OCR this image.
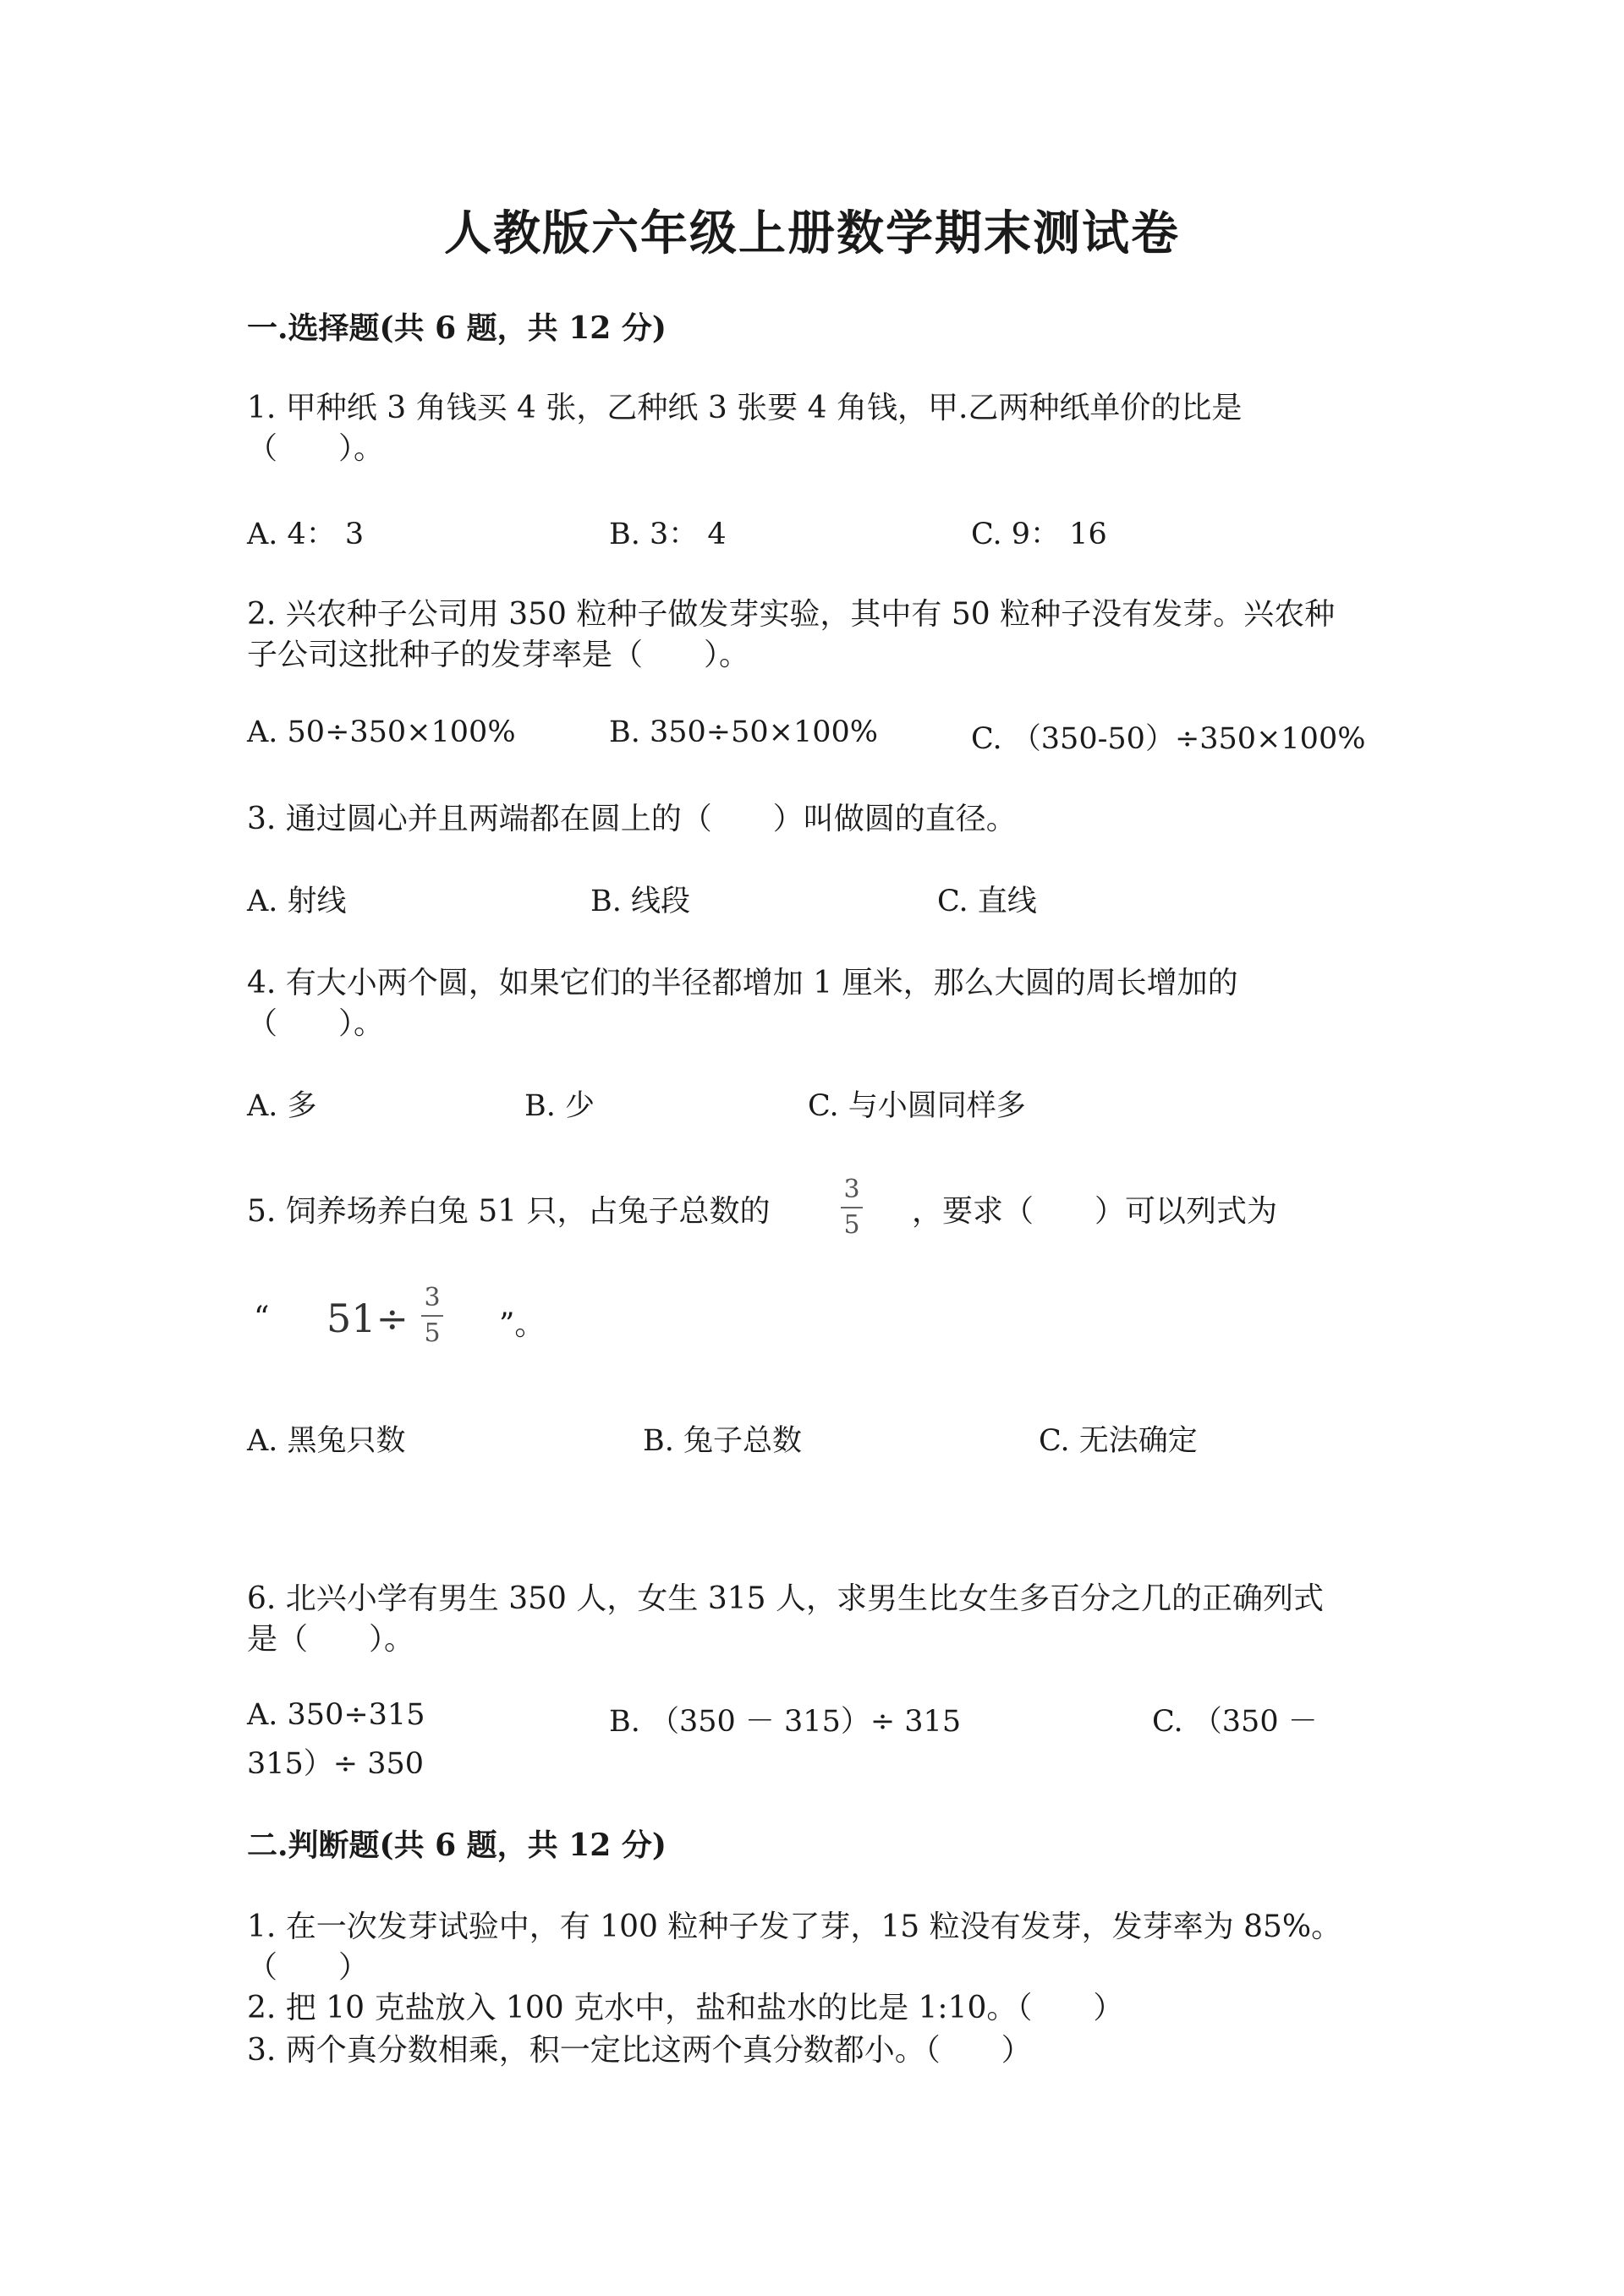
人教版六年级上册数学期末测试卷
一.选择题(共 6 题，共 12 分)
1. 甲种纸 3 角钱买 4 张，乙种纸 3 张要 4 角钱，甲.乙两种纸单价的比是
（　　）。
A. 4： 3	B. 3： 4	C. 9： 16
2. 兴农种子公司用 350 粒种子做发芽实验，其中有 50 粒种子没有发芽。兴农种
子公司这批种子的发芽率是（　　）。
A. 50÷350×100%	B. 350÷50×100%	C. （350-50）÷350×100%
3. 通过圆心并且两端都在圆上的（　　）叫做圆的直径。
A. 射线	B. 线段	C. 直线
4. 有大小两个圆，如果它们的半径都增加 1 厘米，那么大圆的周长增加的
（　　）。
A. 多	B. 少	C. 与小圆同样多
5. 饲养场养白兔 51 只，占兔子总数的
3
5 ，要求（　　）可以列式为
“ 51÷ 3
5 ”。
A. 黑兔只数	B. 兔子总数	C. 无法确定
6. 北兴小学有男生 350 人，女生 315 人，求男生比女生多百分之几的正确列式
是（　　）。
A. 350÷315	B. （350 － 315）÷ 315	C. （350 －
315）÷ 350
二.判断题(共 6 题，共 12 分)
1. 在一次发芽试验中，有 100 粒种子发了芽，15 粒没有发芽，发芽率为 85%。
（　　）
2. 把 10 克盐放入 100 克水中，盐和盐水的比是 1:10。（　　）
3. 两个真分数相乘，积一定比这两个真分数都小。（　　）
